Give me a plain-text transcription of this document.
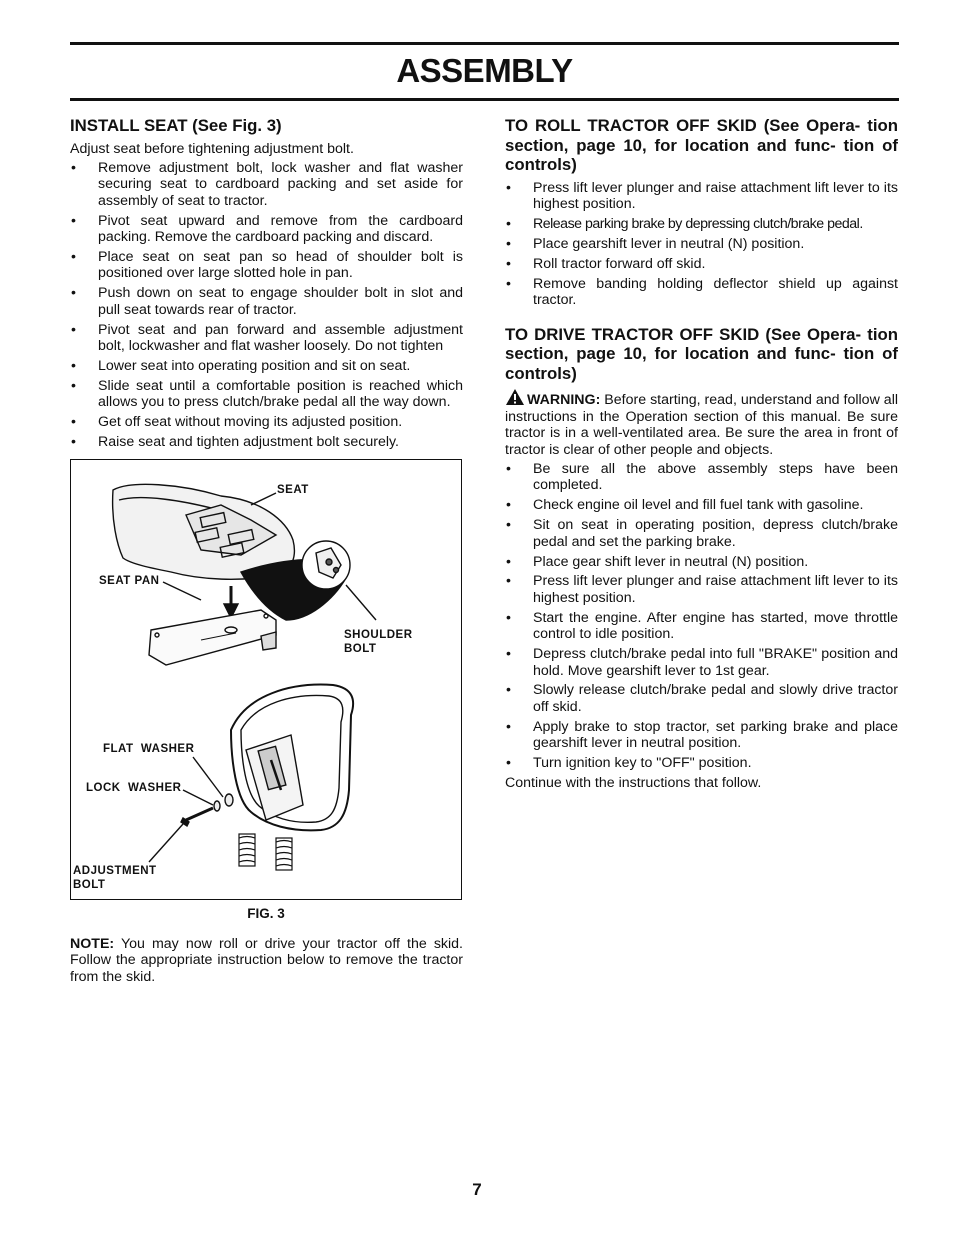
ASSEMBLY
INSTALL SEAT (See Fig. 3)

Adjust seat before tightening adjustment bolt.

• Remove adjustment bolt, lock washer and flat washer securing seat to cardboard packing and set aside for assembly of seat to tractor.
• Pivot seat upward and remove from the cardboard packing. Remove the cardboard packing and discard.
• Place seat on seat pan so head of shoulder bolt is positioned over large slotted hole in pan.
• Push down on seat to engage shoulder bolt in slot and pull seat towards rear of tractor.
• Pivot seat and pan forward and assemble adjustment bolt, lockwasher and flat washer loosely. Do not tighten
• Lower seat into operating position and sit on seat.
• Slide seat until a comfortable position is reached which allows you to press clutch/brake pedal all the way down.
• Get off seat without moving its adjusted position.
• Raise seat and tighten adjustment bolt securely.
SEAT
SEAT PAN
SHOULDER
BOLT
FLAT  WASHER
LOCK  WASHER
ADJUSTMENT
BOLT
FIG. 3
NOTE: You may now roll or drive your tractor off the skid. Follow the appropriate instruction below to remove the tractor from the skid.
TO ROLL TRACTOR OFF SKID (See Opera- tion section, page 10, for location and func- tion of controls)
• Press lift lever plunger and raise attachment lift lever to its highest position.
• Release parking brake by depressing clutch/brake pedal.
• Place gearshift lever in neutral (N) position.
• Roll tractor forward off skid.
• Remove banding holding deflector shield up against tractor.
TO DRIVE TRACTOR OFF SKID (See Opera- tion section, page 10, for location and func- tion of controls)

WARNING: Before starting, read, understand and follow all instructions in the Operation section of this manual. Be sure tractor is in a well-ventilated area. Be sure the area in front of tractor is clear of other people and objects.

• Be sure all the above assembly steps have been completed.
• Check engine oil level and fill fuel tank with gasoline.
• Sit on seat in operating position, depress clutch/brake pedal and set the parking brake.
• Place gear shift lever in neutral (N) position.
• Press lift lever plunger and raise attachment lift lever to its highest position.
• Start the engine. After engine has started, move throttle control to idle position.
• Depress clutch/brake pedal into full "BRAKE" position and hold. Move gearshift lever to 1st gear.
• Slowly release clutch/brake pedal and slowly drive tractor off skid.
• Apply brake to stop tractor, set parking brake and place gearshift lever in neutral position.
• Turn ignition key to "OFF" position.

Continue with the instructions that follow.

7
